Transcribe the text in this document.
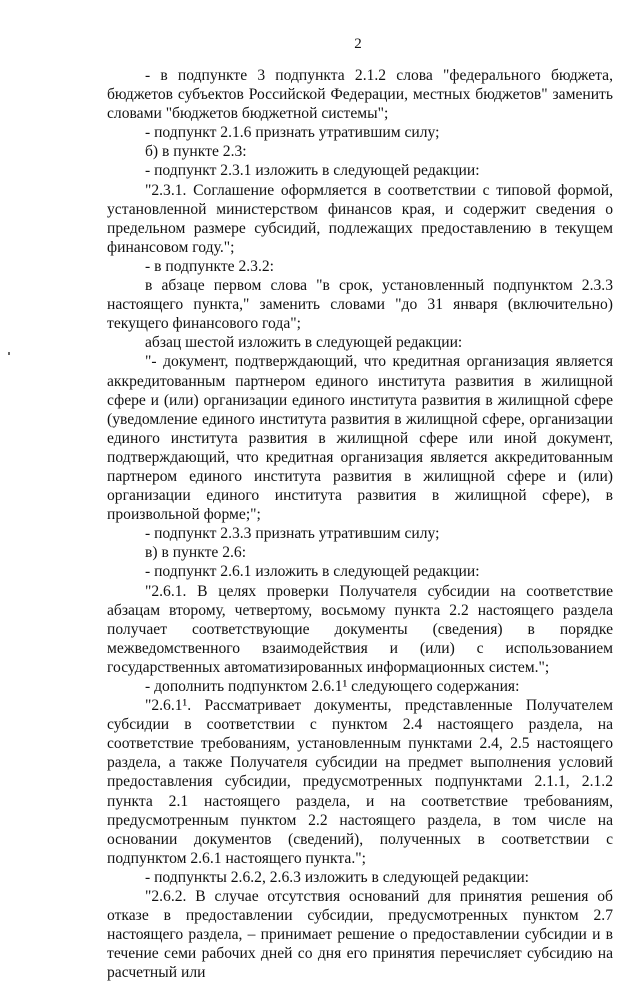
2

- в подпункте 3 подпункта 2.1.2 слова "федерального бюджета, бюджетов субъектов Российской Федерации, местных бюджетов" заменить словами "бюджетов бюджетной системы";

- подпункт 2.1.6 признать утратившим силу;

б) в пункте 2.3:

- подпункт 2.3.1 изложить в следующей редакции:

"2.3.1. Соглашение оформляется в соответствии с типовой формой, установленной министерством финансов края, и содержит сведения о предельном размере субсидий, подлежащих предоставлению в текущем финансовом году.";

- в подпункте 2.3.2:

в абзаце первом слова "в срок, установленный подпунктом 2.3.3 настоящего пункта," заменить словами "до 31 января (включительно) текущего финансового года";

абзац шестой изложить в следующей редакции:

"- документ, подтверждающий, что кредитная организация является аккредитованным партнером единого института развития в жилищной сфере и (или) организации единого института развития в жилищной сфере (уведомление единого института развития в жилищной сфере, организации единого института развития в жилищной сфере или иной документ, подтверждающий, что кредитная организация является аккредитованным партнером единого института развития в жилищной сфере и (или) организации единого института развития в жилищной сфере), в произвольной форме;";

- подпункт 2.3.3 признать утратившим силу;

в) в пункте 2.6:

- подпункт 2.6.1 изложить в следующей редакции:

"2.6.1. В целях проверки Получателя субсидии на соответствие абзацам второму, четвертому, восьмому пункта 2.2 настоящего раздела получает соответствующие документы (сведения) в порядке межведомственного взаимодействия и (или) с использованием государственных автоматизированных информационных систем.";

- дополнить подпунктом 2.6.1¹ следующего содержания:

"2.6.1¹. Рассматривает документы, представленные Получателем субсидии в соответствии с пунктом 2.4 настоящего раздела, на соответствие требованиям, установленным пунктами 2.4, 2.5 настоящего раздела, а также Получателя субсидии на предмет выполнения условий предоставления субсидии, предусмотренных подпунктами 2.1.1, 2.1.2 пункта 2.1 настоящего раздела, и на соответствие требованиям, предусмотренным пунктом 2.2 настоящего раздела, в том числе на основании документов (сведений), полученных в соответствии с подпунктом 2.6.1 настоящего пункта.";

- подпункты 2.6.2, 2.6.3 изложить в следующей редакции:

"2.6.2. В случае отсутствия оснований для принятия решения об отказе в предоставлении субсидии, предусмотренных пунктом 2.7 настоящего раздела, – принимает решение о предоставлении субсидии и в течение семи рабочих дней со дня его принятия перечисляет субсидию на расчетный или
